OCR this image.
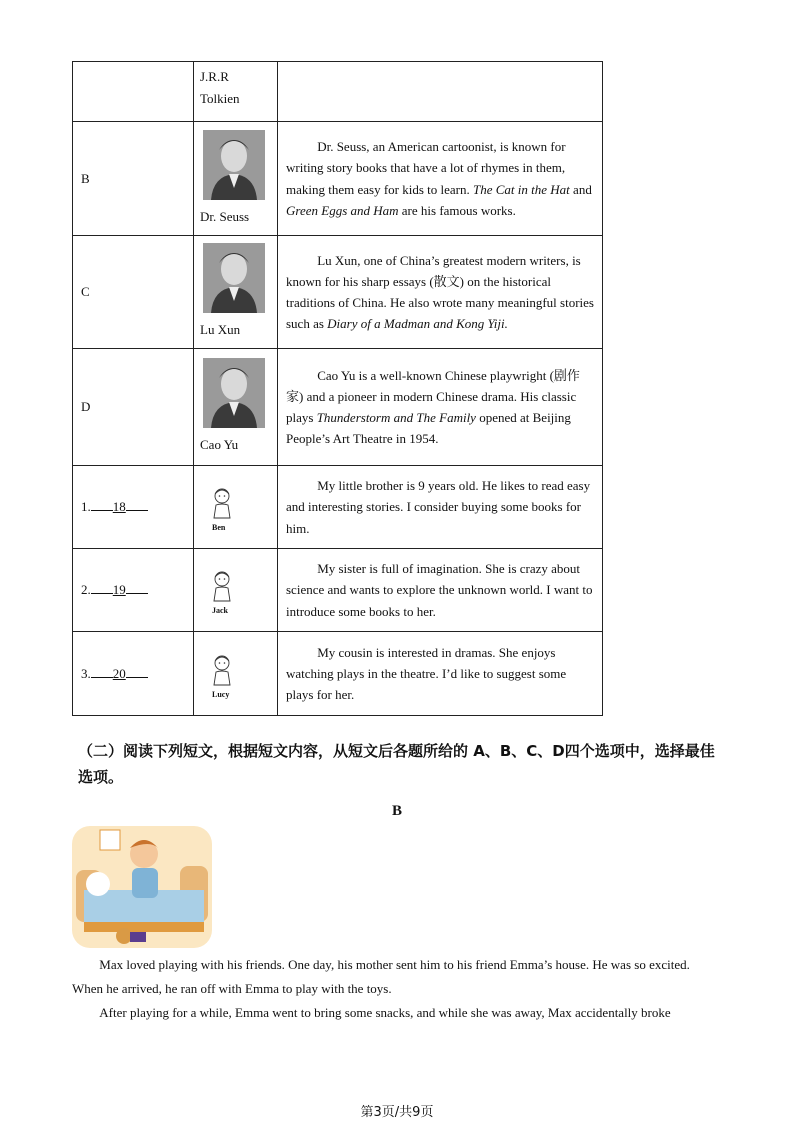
	J.R.R Tolkien	

B	Dr. Seuss	Dr. Seuss, an American cartoonist, is known for writing story books that have a lot of rhymes in them, making them easy for kids to learn. The Cat in the Hat and Green Eggs and Ham are his famous works.

C	Lu Xun	Lu Xun, one of China’s greatest modern writers, is known for his sharp essays (散文) on the historical traditions of China. He also wrote many meaningful stories such as Diary of a Madman and Kong Yiji.

D	Cao Yu	Cao Yu is a well-known Chinese playwright (剧作家) and a pioneer in modern Chinese drama. His classic plays Thunderstorm and The Family opened at Beijing People’s Art Theatre in 1954.

1. 18	Ben	My little brother is 9 years old. He likes to read easy and interesting stories. I consider buying some books for him.

2. 19	Jack	My sister is full of imagination. She is crazy about science and wants to explore the unknown world. I want to introduce some books to her.

3. 20	Lucy	My cousin is interested in dramas. She enjoys watching plays in the theatre. I’d like to suggest some plays for her.

（二）阅读下列短文，根据短文内容，从短文后各题所给的 A、B、C、D四个选项中，选择最佳选项。

B

Max loved playing with his friends. One day, his mother sent him to his friend Emma’s house. He was so excited. When he arrived, he ran off with Emma to play with the toys.

After playing for a while, Emma went to bring some snacks, and while she was away, Max accidentally broke

第3页/共9页
